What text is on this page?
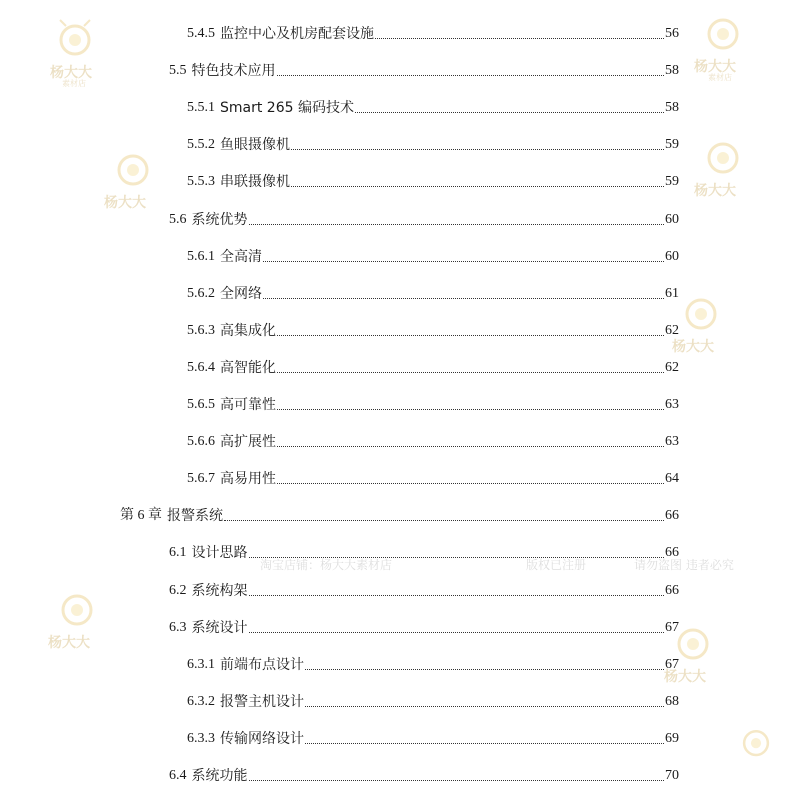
5.4.5 监控中心及机房配套设施	56
5.5 特色技术应用	58
5.5.1 Smart 265 编码技术	58
5.5.2 鱼眼摄像机	59
5.5.3 串联摄像机	59
5.6 系统优势	60
5.6.1 全高清	60
5.6.2 全网络	61
5.6.3 高集成化	62
5.6.4 高智能化	62
5.6.5 高可靠性	63
5.6.6 高扩展性	63
5.6.7 高易用性	64
第 6 章 报警系统	66
6.1 设计思路	66
6.2 系统构架	66
6.3 系统设计	67
6.3.1 前端布点设计	67
6.3.2 报警主机设计	68
6.3.3 传输网络设计	69
6.4 系统功能	70
杨大大
素材店
杨大大
素材店
杨大大
杨大大
杨大大
杨大大
杨大大
淘宝店铺：杨大大素材店	版权已注册	请勿盗图 违者必究
